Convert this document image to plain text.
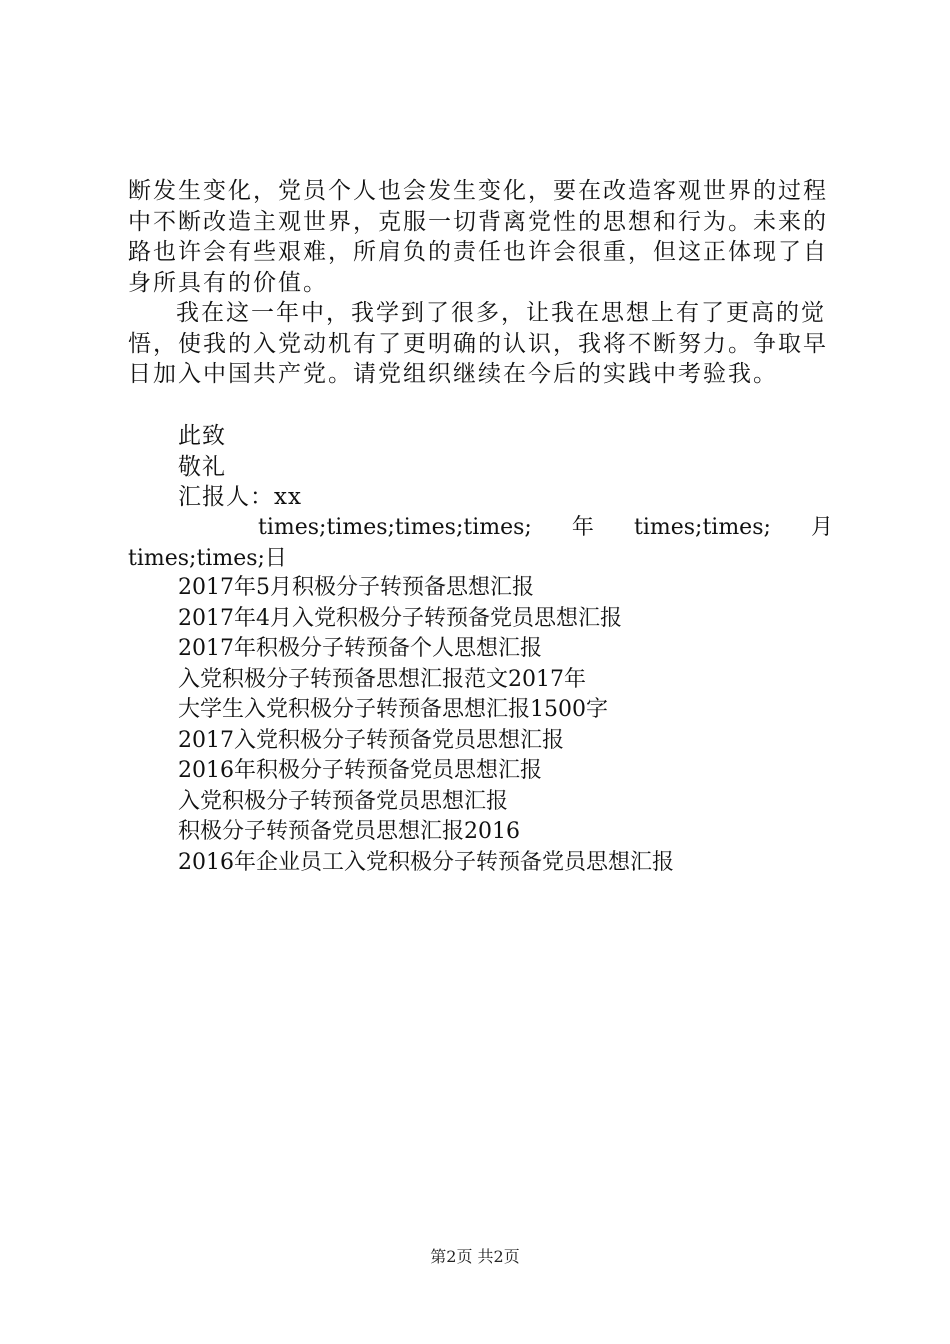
断发生变化，党员个人也会发生变化，要在改造客观世界的过程中不断改造主观世界，克服一切背离党性的思想和行为。未来的路也许会有些艰难，所肩负的责任也许会很重，但这正体现了自身所具有的价值。

我在这一年中，我学到了很多，让我在思想上有了更高的觉悟，使我的入党动机有了更明确的认识，我将不断努力。争取早日加入中国共产党。请党组织继续在今后的实践中考验我。

此致
敬礼
汇报人：xx
times;times;times;times; 年 times;times; 月
times;times;日
2017年5月积极分子转预备思想汇报
2017年4月入党积极分子转预备党员思想汇报
2017年积极分子转预备个人思想汇报
入党积极分子转预备思想汇报范文2017年
大学生入党积极分子转预备思想汇报1500字
2017入党积极分子转预备党员思想汇报
2016年积极分子转预备党员思想汇报
入党积极分子转预备党员思想汇报
积极分子转预备党员思想汇报2016
2016年企业员工入党积极分子转预备党员思想汇报
第2页 共2页
